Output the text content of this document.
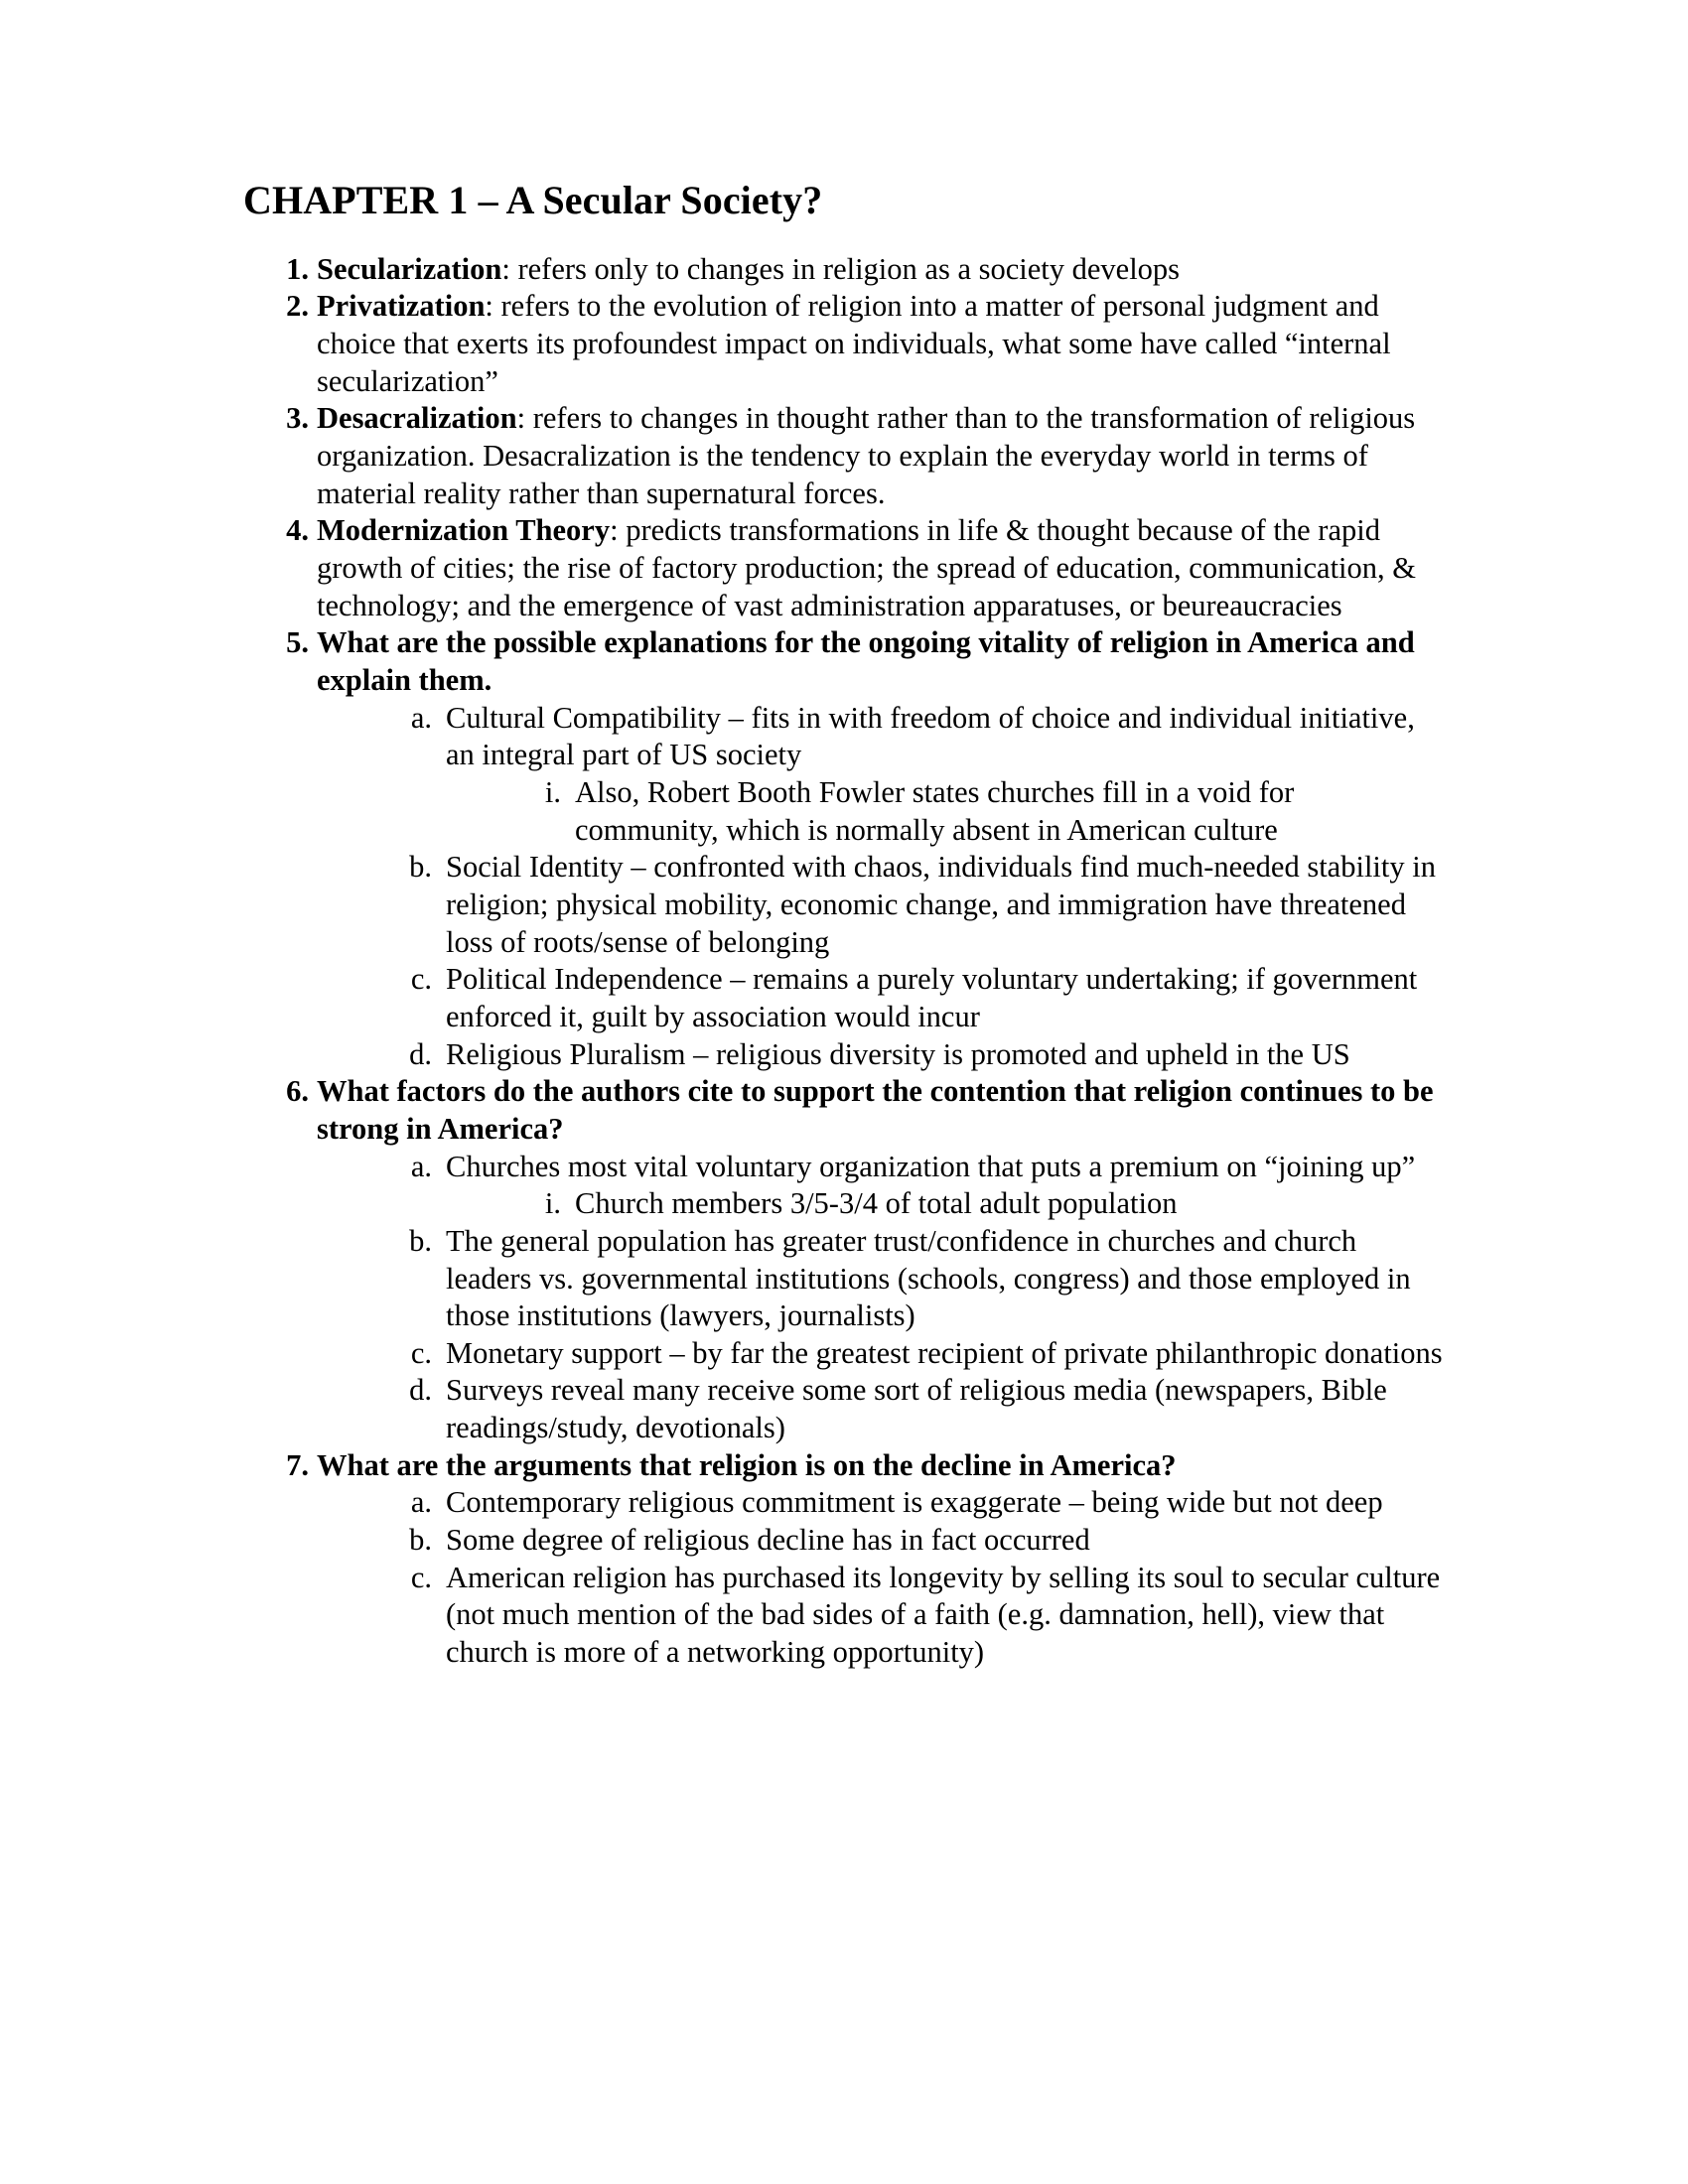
CHAPTER 1 – A Secular Society?
1. Secularization: refers only to changes in religion as a society develops
2. Privatization: refers to the evolution of religion into a matter of personal judgment and choice that exerts its profoundest impact on individuals, what some have called “internal secularization”
3. Desacralization: refers to changes in thought rather than to the transformation of religious organization. Desacralization is the tendency to explain the everyday world in terms of material reality rather than supernatural forces.
4. Modernization Theory: predicts transformations in life & thought because of the rapid growth of cities; the rise of factory production; the spread of education, communication, & technology; and the emergence of vast administration apparatuses, or beureaucracies
5. What are the possible explanations for the ongoing vitality of religion in America and explain them.
a. Cultural Compatibility – fits in with freedom of choice and individual initiative, an integral part of US society
i. Also, Robert Booth Fowler states churches fill in a void for community, which is normally absent in American culture
b. Social Identity – confronted with chaos, individuals find much-needed stability in religion; physical mobility, economic change, and immigration have threatened loss of roots/sense of belonging
c. Political Independence – remains a purely voluntary undertaking; if government enforced it, guilt by association would incur
d. Religious Pluralism – religious diversity is promoted and upheld in the US
6. What factors do the authors cite to support the contention that religion continues to be strong in America?
a. Churches most vital voluntary organization that puts a premium on “joining up”
i. Church members 3/5-3/4 of total adult population
b. The general population has greater trust/confidence in churches and church leaders vs. governmental institutions (schools, congress) and those employed in those institutions (lawyers, journalists)
c. Monetary support – by far the greatest recipient of private philanthropic donations
d. Surveys reveal many receive some sort of religious media (newspapers, Bible readings/study, devotionals)
7. What are the arguments that religion is on the decline in America?
a. Contemporary religious commitment is exaggerate – being wide but not deep
b. Some degree of religious decline has in fact occurred
c. American religion has purchased its longevity by selling its soul to secular culture (not much mention of the bad sides of a faith (e.g. damnation, hell), view that church is more of a networking opportunity)
